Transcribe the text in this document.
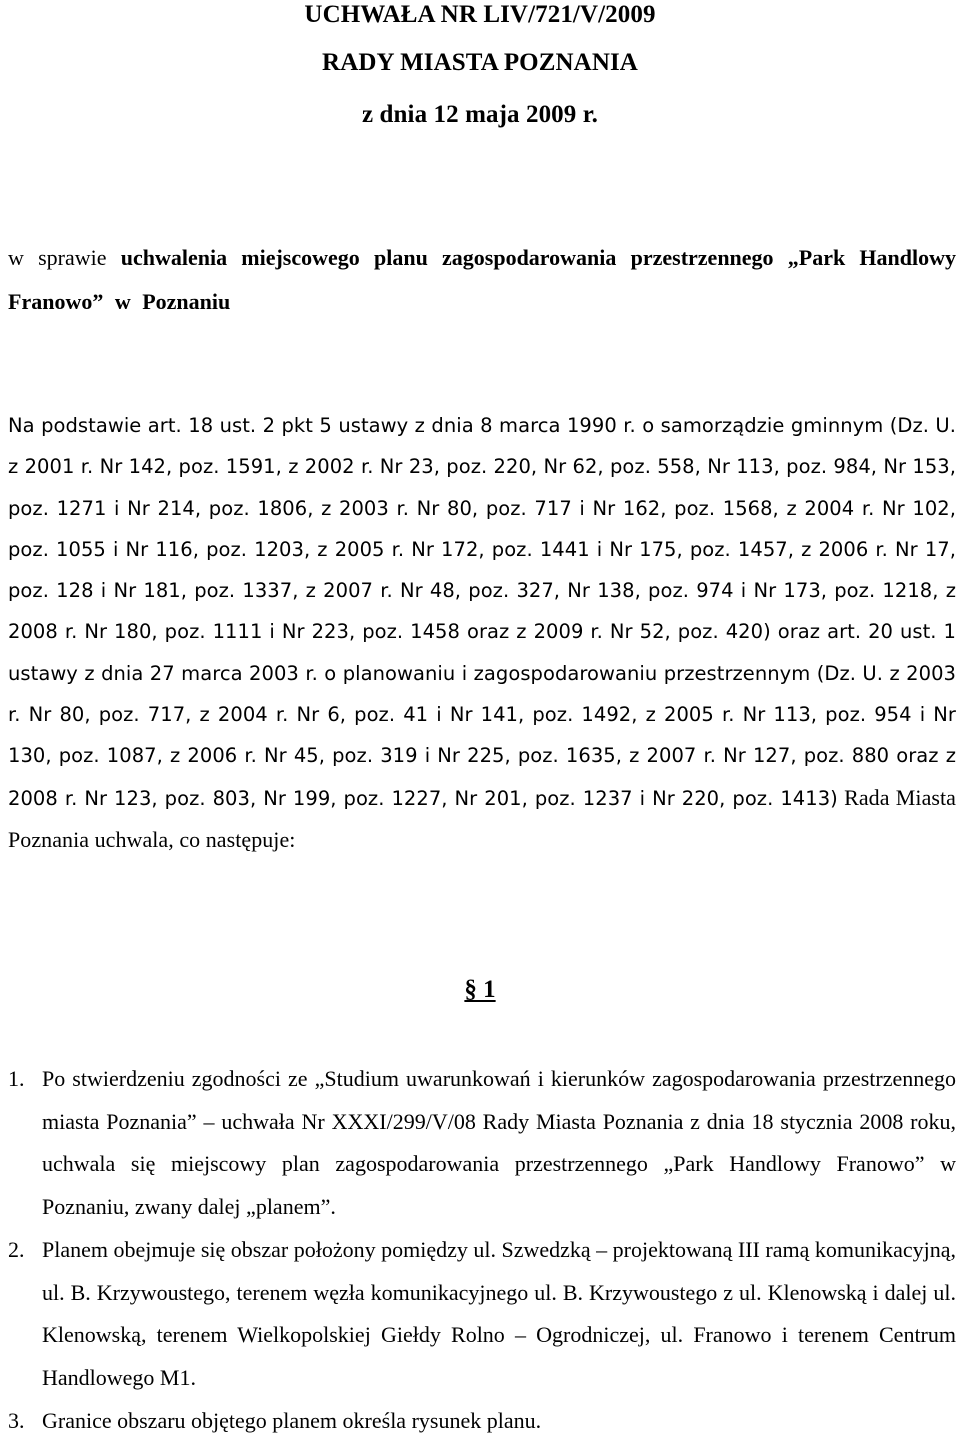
UCHWAŁA NR LIV/721/V/2009
RADY MIASTA POZNANIA
z dnia 12 maja 2009 r.
w sprawie uchwalenia miejscowego planu zagospodarowania przestrzennego „Park Handlowy Franowo” w Poznaniu
Na podstawie art. 18 ust. 2 pkt 5 ustawy z dnia 8 marca 1990 r. o samorządzie gminnym (Dz. U. z 2001 r. Nr 142, poz. 1591, z 2002 r. Nr 23, poz. 220, Nr 62, poz. 558, Nr 113, poz. 984, Nr 153, poz. 1271 i Nr 214, poz. 1806, z 2003 r. Nr 80, poz. 717 i Nr 162, poz. 1568, z 2004 r. Nr 102, poz. 1055 i Nr 116, poz. 1203, z 2005 r. Nr 172, poz. 1441 i Nr 175, poz. 1457, z 2006 r. Nr 17, poz. 128 i Nr 181, poz. 1337, z 2007 r. Nr 48, poz. 327, Nr 138, poz. 974 i Nr 173, poz. 1218, z 2008 r. Nr 180, poz. 1111 i Nr 223, poz. 1458 oraz z 2009 r. Nr 52, poz. 420) oraz art. 20 ust. 1 ustawy z dnia 27 marca 2003 r. o planowaniu i zagospodarowaniu przestrzennym (Dz. U. z 2003 r. Nr 80, poz. 717, z 2004 r. Nr 6, poz. 41 i Nr 141, poz. 1492, z 2005 r. Nr 113, poz. 954 i Nr 130, poz. 1087, z 2006 r. Nr 45, poz. 319 i Nr 225, poz. 1635, z 2007 r. Nr 127, poz. 880 oraz z 2008 r. Nr 123, poz. 803, Nr 199, poz. 1227, Nr 201, poz. 1237 i Nr 220, poz. 1413) Rada Miasta Poznania uchwala, co następuje:
§ 1
1. Po stwierdzeniu zgodności ze „Studium uwarunkowań i kierunków zagospodarowania przestrzennego miasta Poznania” – uchwała Nr XXXI/299/V/08 Rady Miasta Poznania z dnia 18 stycznia 2008 roku, uchwala się miejscowy plan zagospodarowania przestrzennego „Park Handlowy Franowo” w Poznaniu, zwany dalej „planem”.
2. Planem obejmuje się obszar położony pomiędzy ul. Szwedzką – projektowaną III ramą komunikacyjną, ul. B. Krzywoustego, terenem węzła komunikacyjnego ul. B. Krzywoustego z ul. Klenowską i dalej ul. Klenowską, terenem Wielkopolskiej Giełdy Rolno – Ogrodniczej, ul. Franowo i terenem Centrum Handlowego M1.
3. Granice obszaru objętego planem określa rysunek planu.
